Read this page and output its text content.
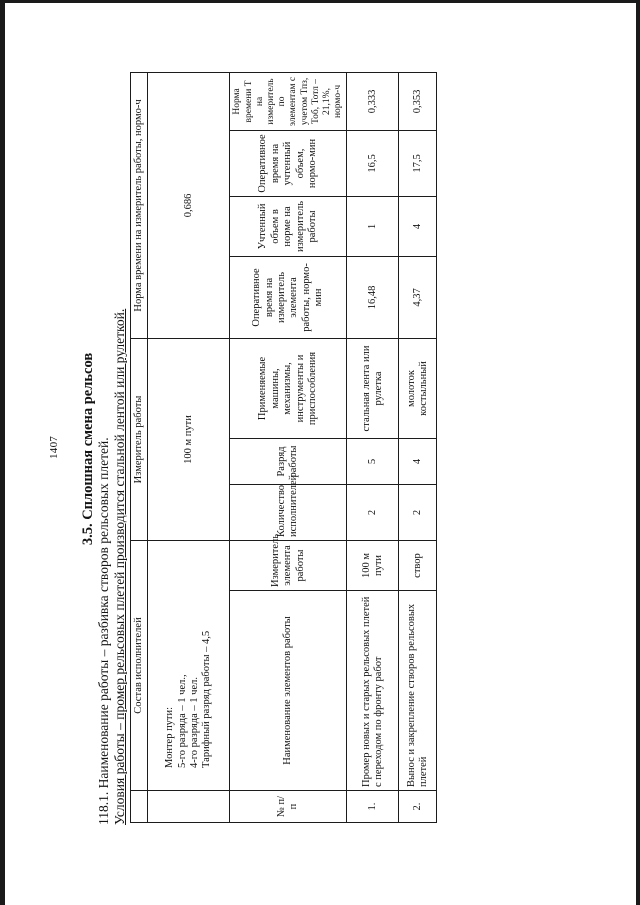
1407 3.5. Сплошная смена рельсов
118.1. Наименование работы – разбивка створов рельсовых плетей.
Условия работы – промер рельсовых плетей производится стальной лентой или рулеткой.
	Состав исполнителей		Измеритель работы			Норма времени на измеритель работы, нормо-ч			

	Монтер пути: 5-го разряда – 1 чел., 4-го разряда – 1 чел. Тарифный разряд работы – 4,5		100 м пути			0,686			
№ п/п	Наименование элементов работы	Измеритель элемента работы	Количество исполнителей	Разряд работы	Применяемые машины, механизмы, инструменты и приспособления	Оперативное время на измеритель элемента работы, нормо-мин	Учтенный объем в норме на измеритель работы	Оперативное время на учтенный объем, нормо-мин	Норма времени Т на измеритель по элементам с учетом Тпз, Тоб, Тотл – 21,1%, нормо-ч
1.	Промер новых и старых рельсовых плетей с переходом по фронту работ	100 м пути	2	5	стальная лента или рулетка	16,48	1	16,5	0,333
2.	Вынос и закрепление створов рельсовых плетей	створ	2	4	молоток костыльный	4,37	4	17,5	0,353
